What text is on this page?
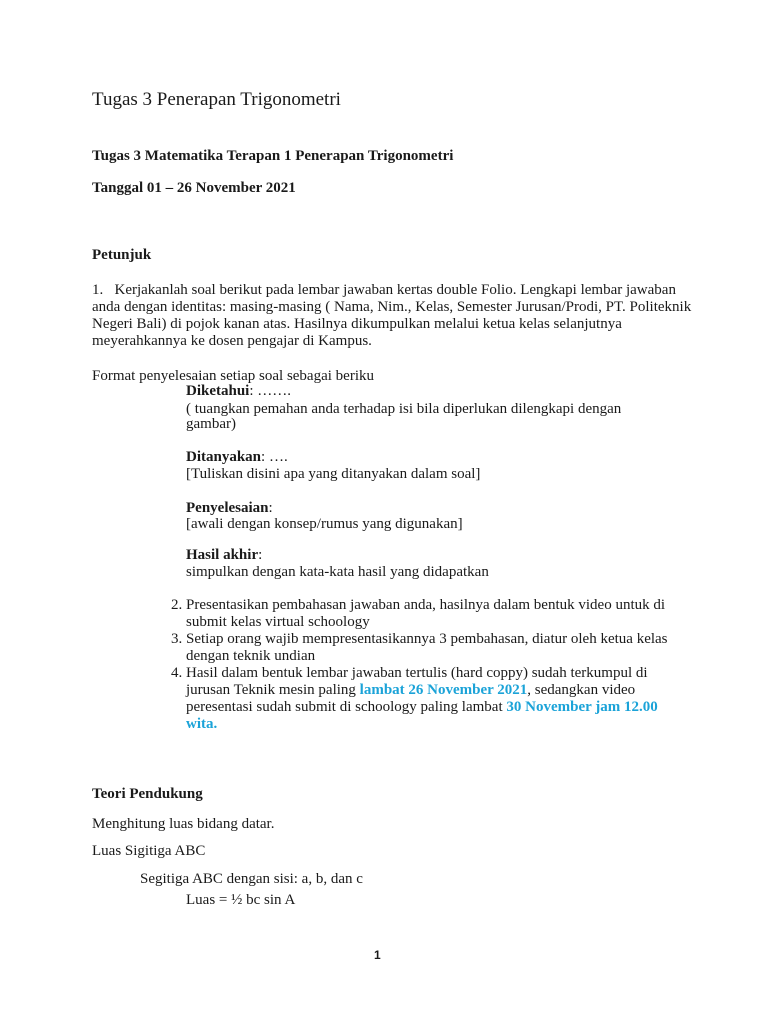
Tugas 3 Penerapan Trigonometri
Tugas 3 Matematika Terapan 1 Penerapan Trigonometri
Tanggal 01 – 26 November 2021
Petunjuk
1. Kerjakanlah soal berikut pada lembar jawaban kertas double Folio. Lengkapi lembar jawaban anda dengan identitas: masing-masing ( Nama, Nim., Kelas, Semester Jurusan/Prodi, PT. Politeknik Negeri Bali) di pojok kanan atas. Hasilnya dikumpulkan melalui ketua kelas selanjutnya meyerahkannya ke dosen pengajar di Kampus.
Format penyelesaian setiap soal sebagai beriku
Diketahui: …….
( tuangkan pemahan anda terhadap isi bila diperlukan dilengkapi dengan
gambar)
Ditanyakan: ….
[Tuliskan disini apa yang ditanyakan dalam soal]
Penyelesaian:
[awali dengan konsep/rumus yang digunakan]
Hasil akhir:
simpulkan dengan kata-kata hasil yang didapatkan
2. Presentasikan pembahasan jawaban anda, hasilnya dalam bentuk video untuk di submit kelas virtual schoology
3. Setiap orang wajib mempresentasikannya 3 pembahasan, diatur oleh ketua kelas dengan teknik undian
4. Hasil dalam bentuk lembar jawaban tertulis (hard coppy) sudah terkumpul di jurusan Teknik mesin paling lambat 26 November 2021, sedangkan video peresentasi sudah submit di schoology paling lambat 30 November jam 12.00 wita.
Teori Pendukung
Menghitung luas bidang datar.
Luas Sigitiga ABC
Segitiga ABC dengan sisi: a, b, dan c
Luas = ½ bc sin A
1
